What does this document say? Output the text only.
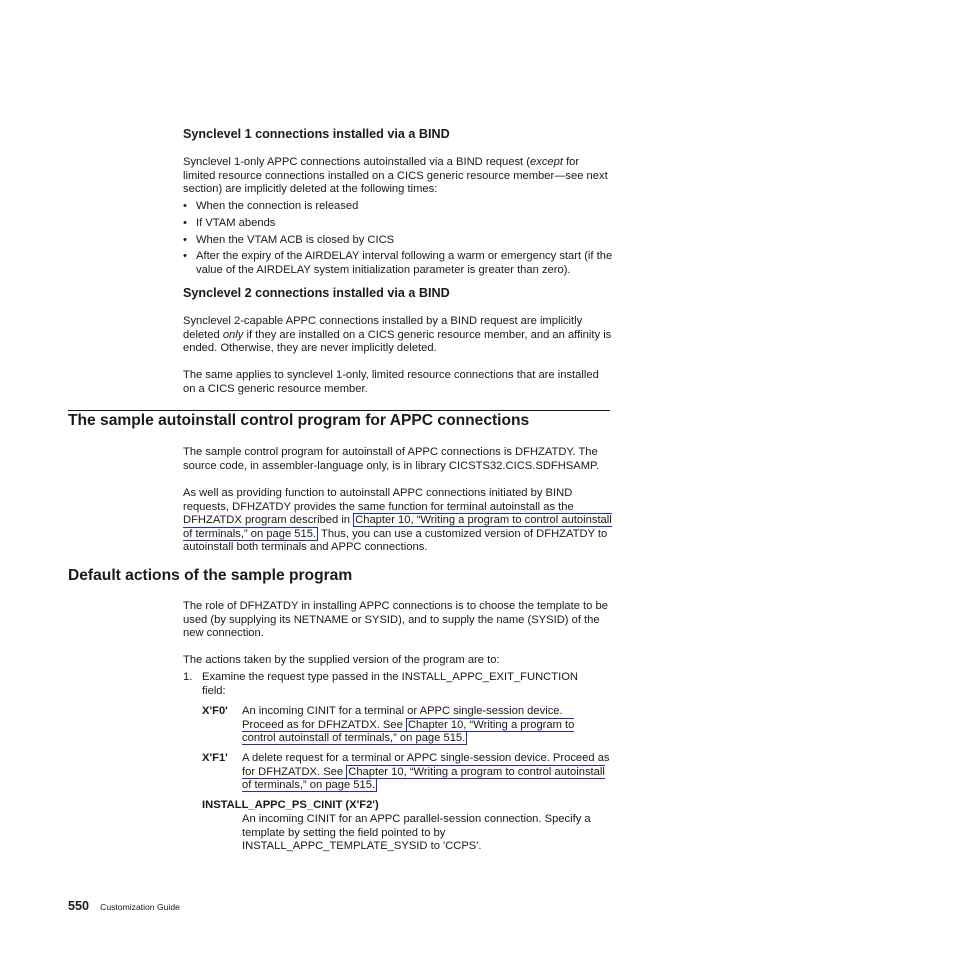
Synclevel 1 connections installed via a BIND

Synclevel 1-only APPC connections autoinstalled via a BIND request (except for limited resource connections installed on a CICS generic resource member—see next section) are implicitly deleted at the following times:

• When the connection is released
• If VTAM abends
• When the VTAM ACB is closed by CICS
• After the expiry of the AIRDELAY interval following a warm or emergency start (if the value of the AIRDELAY system initialization parameter is greater than zero).
Synclevel 2 connections installed via a BIND

Synclevel 2-capable APPC connections installed by a BIND request are implicitly deleted only if they are installed on a CICS generic resource member, and an affinity is ended. Otherwise, they are never implicitly deleted.

The same applies to synclevel 1-only, limited resource connections that are installed on a CICS generic resource member.

The sample autoinstall control program for APPC connections

The sample control program for autoinstall of APPC connections is DFHZATDY. The source code, in assembler-language only, is in library CICSTS32.CICS.SDFHSAMP.

As well as providing function to autoinstall APPC connections initiated by BIND requests, DFHZATDY provides the same function for terminal autoinstall as the DFHZATDX program described in Chapter 10, “Writing a program to control autoinstall of terminals,” on page 515. Thus, you can use a customized version of DFHZATDY to autoinstall both terminals and APPC connections.

Default actions of the sample program

The role of DFHZATDY in installing APPC connections is to choose the template to be used (by supplying its NETNAME or SYSID), and to supply the name (SYSID) of the new connection.

The actions taken by the supplied version of the program are to:

1. Examine the request type passed in the INSTALL_APPC_EXIT_FUNCTION field:
X'F0' An incoming CINIT for a terminal or APPC single-session device. Proceed as for DFHZATDX. See Chapter 10, “Writing a program to control autoinstall of terminals,” on page 515.

X'F1' A delete request for a terminal or APPC single-session device. Proceed as for DFHZATDX. See Chapter 10, “Writing a program to control autoinstall of terminals,” on page 515.

INSTALL_APPC_PS_CINIT (X'F2')

An incoming CINIT for an APPC parallel-session connection. Specify a template by setting the field pointed to by INSTALL_APPC_TEMPLATE_SYSID to 'CCPS'.

550 Customization Guide
